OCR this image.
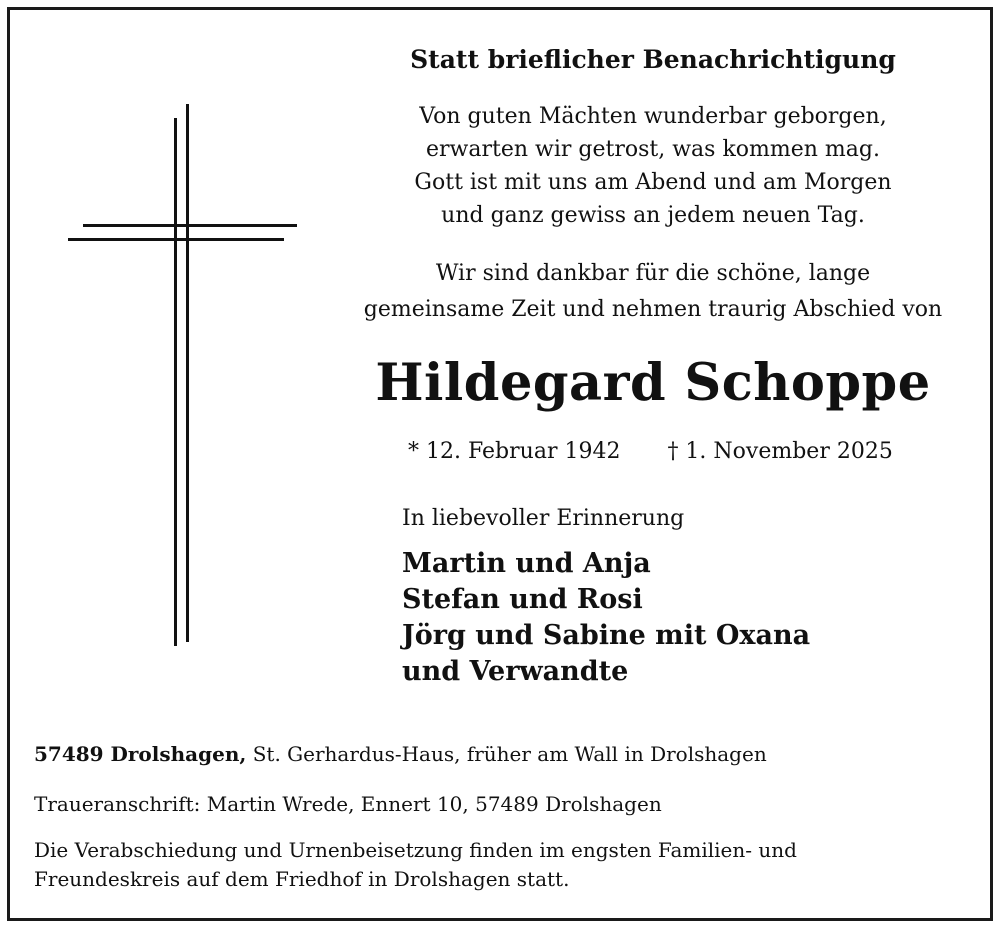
Statt brieflicher Benachrichtigung
Von guten Mächten wunderbar geborgen,
erwarten wir getrost, was kommen mag.
Gott ist mit uns am Abend und am Morgen
und ganz gewiss an jedem neuen Tag.
Wir sind dankbar für die schöne, lange
gemeinsame Zeit und nehmen traurig Abschied von
Hildegard Schoppe
* 12. Februar 1942 † 1. November 2025
In liebevoller Erinnerung
Martin und Anja
Stefan und Rosi
Jörg und Sabine mit Oxana
und Verwandte
57489 Drolshagen, St. Gerhardus-Haus, früher am Wall in Drolshagen
Traueranschrift: Martin Wrede, Ennert 10, 57489 Drolshagen
Die Verabschiedung und Urnenbeisetzung finden im engsten Familien- und
Freundeskreis auf dem Friedhof in Drolshagen statt.
